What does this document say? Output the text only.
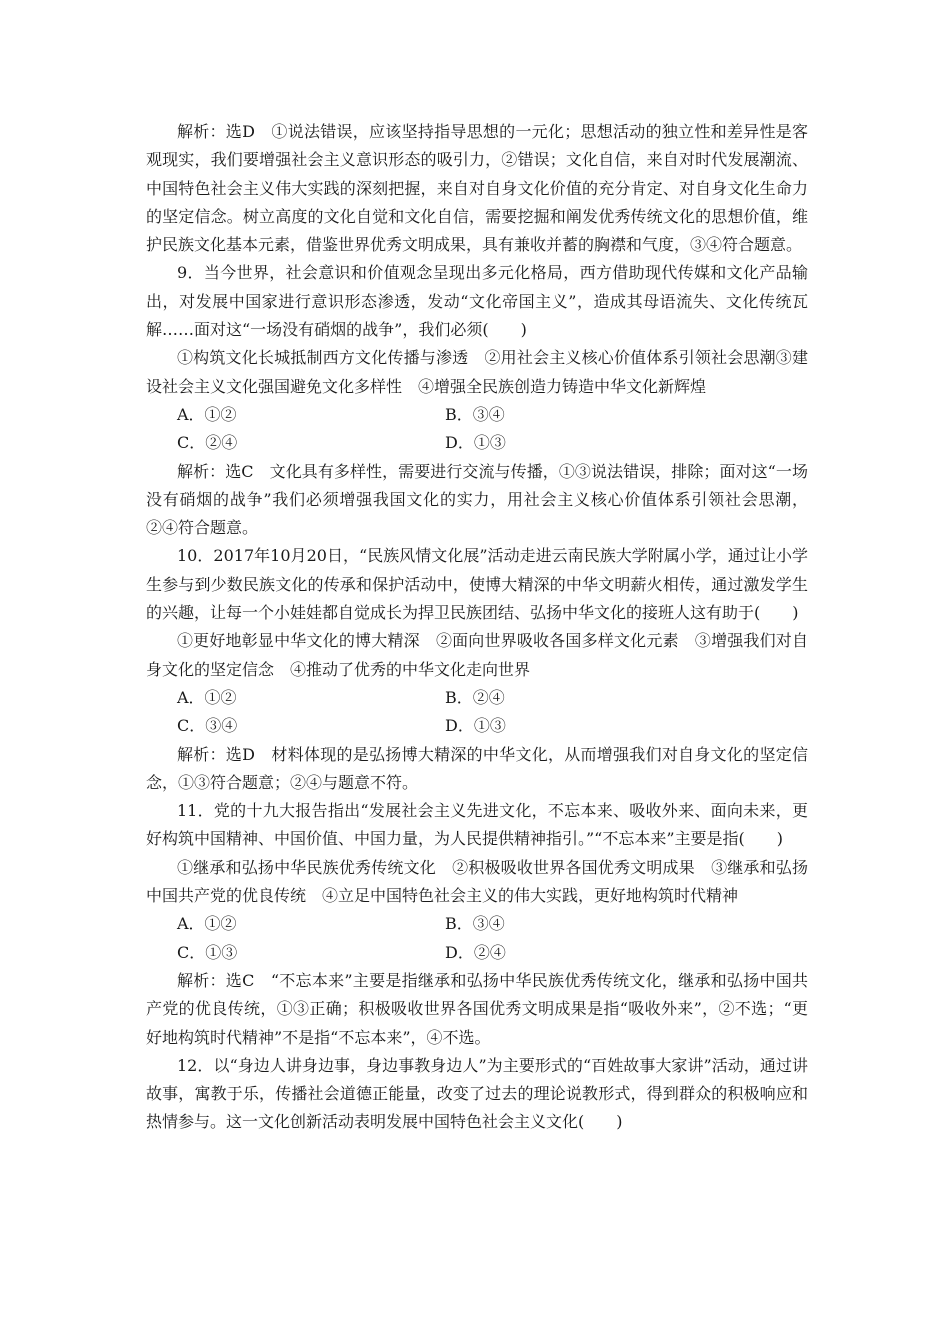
解析：选D　①说法错误，应该坚持指导思想的一元化；思想活动的独立性和差异性是客观现实，我们要增强社会主义意识形态的吸引力，②错误；文化自信，来自对时代发展潮流、中国特色社会主义伟大实践的深刻把握，来自对自身文化价值的充分肯定、对自身文化生命力的坚定信念。树立高度的文化自觉和文化自信，需要挖掘和阐发优秀传统文化的思想价值，维护民族文化基本元素，借鉴世界优秀文明成果，具有兼收并蓄的胸襟和气度，③④符合题意。

9．当今世界，社会意识和价值观念呈现出多元化格局，西方借助现代传媒和文化产品输出，对发展中国家进行意识形态渗透，发动“文化帝国主义”，造成其母语流失、文化传统瓦解……面对这“一场没有硝烟的战争”，我们必须(　　)

①构筑文化长城抵制西方文化传播与渗透　②用社会主义核心价值体系引领社会思潮③建设社会主义文化强国避免文化多样性　④增强全民族创造力铸造中华文化新辉煌

A．①②	B．③④
C．②④	D．①③

解析：选C　文化具有多样性，需要进行交流与传播，①③说法错误，排除；面对这“一场没有硝烟的战争”我们必须增强我国文化的实力，用社会主义核心价值体系引领社会思潮，②④符合题意。

10．2017年10月20日，“民族风情文化展”活动走进云南民族大学附属小学，通过让小学生参与到少数民族文化的传承和保护活动中，使博大精深的中华文明薪火相传，通过激发学生的兴趣，让每一个小娃娃都自觉成长为捍卫民族团结、弘扬中华文化的接班人这有助于(　　)

①更好地彰显中华文化的博大精深　②面向世界吸收各国多样文化元素　③增强我们对自身文化的坚定信念　④推动了优秀的中华文化走向世界

A．①②	B．②④
C．③④	D．①③

解析：选D　材料体现的是弘扬博大精深的中华文化，从而增强我们对自身文化的坚定信念，①③符合题意；②④与题意不符。

11．党的十九大报告指出“发展社会主义先进文化，不忘本来、吸收外来、面向未来，更好构筑中国精神、中国价值、中国力量，为人民提供精神指引。”“不忘本来”主要是指(　　)

①继承和弘扬中华民族优秀传统文化　②积极吸收世界各国优秀文明成果　③继承和弘扬中国共产党的优良传统　④立足中国特色社会主义的伟大实践，更好地构筑时代精神

A．①②	B．③④
C．①③	D．②④

解析：选C　“不忘本来”主要是指继承和弘扬中华民族优秀传统文化，继承和弘扬中国共产党的优良传统，①③正确；积极吸收世界各国优秀文明成果是指“吸收外来”，②不选；“更好地构筑时代精神”不是指“不忘本来”，④不选。

12．以“身边人讲身边事，身边事教身边人”为主要形式的“百姓故事大家讲”活动，通过讲故事，寓教于乐，传播社会道德正能量，改变了过去的理论说教形式，得到群众的积极响应和热情参与。这一文化创新活动表明发展中国特色社会主义文化(　　)
